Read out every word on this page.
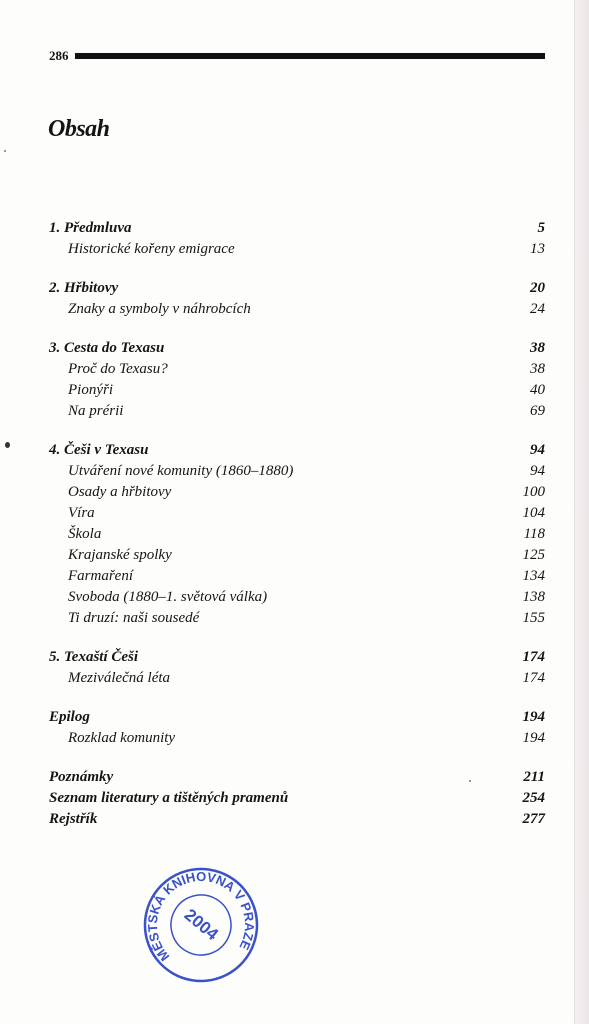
286
Obsah
1. Předmluva	5
Historické kořeny emigrace	13
2. Hřbitovy	20
Znaky a symboly v náhrobcích	24
3. Cesta do Texasu	38
Proč do Texasu?	38
Pionýři	40
Na prérii	69
4. Češi v Texasu	94
Utváření nové komunity (1860–1880)	94
Osady a hřbitovy	100
Víra	104
Škola	118
Krajanské spolky	125
Farmaření	134
Svoboda (1880–1. světová válka)	138
Ti druzí: naši sousedé	155
5. Texaští Češi	174
Meziválečná léta	174
Epilog	194
Rozklad komunity	194
Poznámky	211
Seznam literatury a tištěných pramenů	254
Rejstřík	277
MĚSTSKÁ KNIHOVNA V PRAZE
2004
